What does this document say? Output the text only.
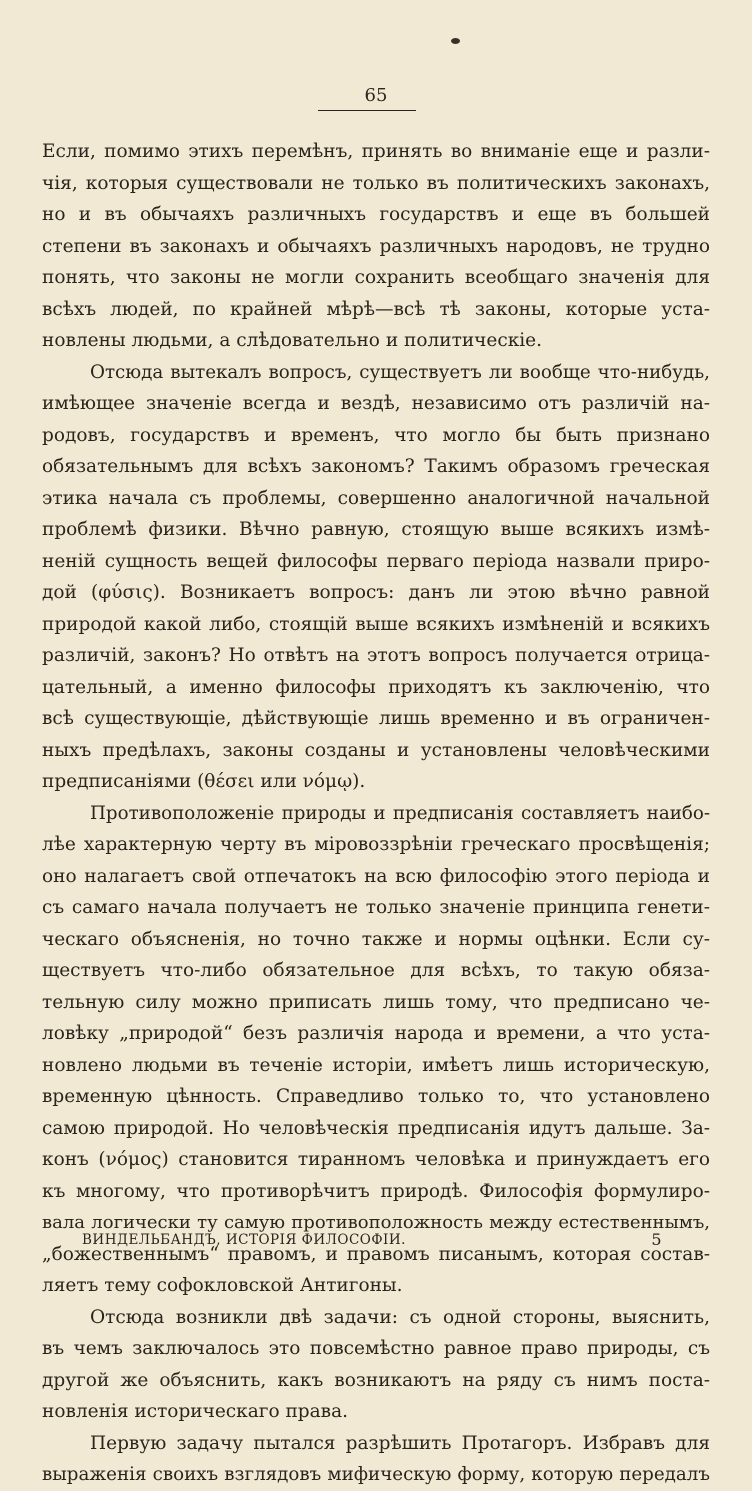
65
Если, помимо этихъ перемѣнъ, принять во вниманіе еще и разли-
чія, которыя существовали не только въ политическихъ законахъ,
но и въ обычаяхъ различныхъ государствъ и еще въ большей
степени въ законахъ и обычаяхъ различныхъ народовъ, не трудно
понять, что законы не могли сохранить всеобщаго значенія для
всѣхъ людей, по крайней мѣрѣ—всѣ тѣ законы, которые уста-
новлены людьми, а слѣдовательно и политическіе.
Отсюда вытекалъ вопросъ, существуетъ ли вообще что-нибудь,
имѣющее значеніе всегда и вездѣ, независимо отъ различій на-
родовъ, государствъ и временъ, что могло бы быть признано
обязательнымъ для всѣхъ закономъ? Такимъ образомъ греческая
этика начала съ проблемы, совершенно аналогичной начальной
проблемѣ физики. Вѣчно равную, стоящую выше всякихъ измѣ-
неній сущность вещей философы перваго періода назвали приро-
дой (φύσις). Возникаетъ вопросъ: данъ ли этою вѣчно равной
природой какой либо, стоящій выше всякихъ измѣненій и всякихъ
различій, законъ? Но отвѣтъ на этотъ вопросъ получается отрица-
цательный, а именно философы приходятъ къ заключенію, что
всѣ существующіе, дѣйствующіе лишь временно и въ ограничен-
ныхъ предѣлахъ, законы созданы и установлены человѣческими
предписаніями (θέσει или νόμῳ).
Противоположеніе природы и предписанія составляетъ наибо-
лѣе характерную черту въ міровоззрѣніи греческаго просвѣщенія;
оно налагаетъ свой отпечатокъ на всю философію этого періода и
съ самаго начала получаетъ не только значеніе принципа генети-
ческаго объясненія, но точно также и нормы оцѣнки. Если су-
ществуетъ что-либо обязательное для всѣхъ, то такую обяза-
тельную силу можно приписать лишь тому, что предписано че-
ловѣку „природой“ безъ различія народа и времени, а что уста-
новлено людьми въ теченіе исторіи, имѣетъ лишь историческую,
временную цѣнность. Справедливо только то, что установлено
самою природой. Но человѣческія предписанія идутъ дальше. За-
конъ (νόμος) становится тиранномъ человѣка и принуждаетъ его
къ многому, что противорѣчитъ природѣ. Философія формулиро-
вала логически ту самую противоположность между естественнымъ,
„божественнымъ“ правомъ, и правомъ писанымъ, которая состав-
ляетъ тему софокловской Антигоны.
Отсюда возникли двѣ задачи: съ одной стороны, выяснить,
въ чемъ заключалось это повсемѣстно равное право природы, съ
другой же объяснить, какъ возникаютъ на ряду съ нимъ поста-
новленія историческаго права.
Первую задачу пытался разрѣшить Протагоръ. Избравъ для
выраженія своихъ взглядовъ мифическую форму, которую передалъ
ВИНДЕЛЬБАНДЪ, ИСТОРІЯ ФИЛОСОФІИ.	5
